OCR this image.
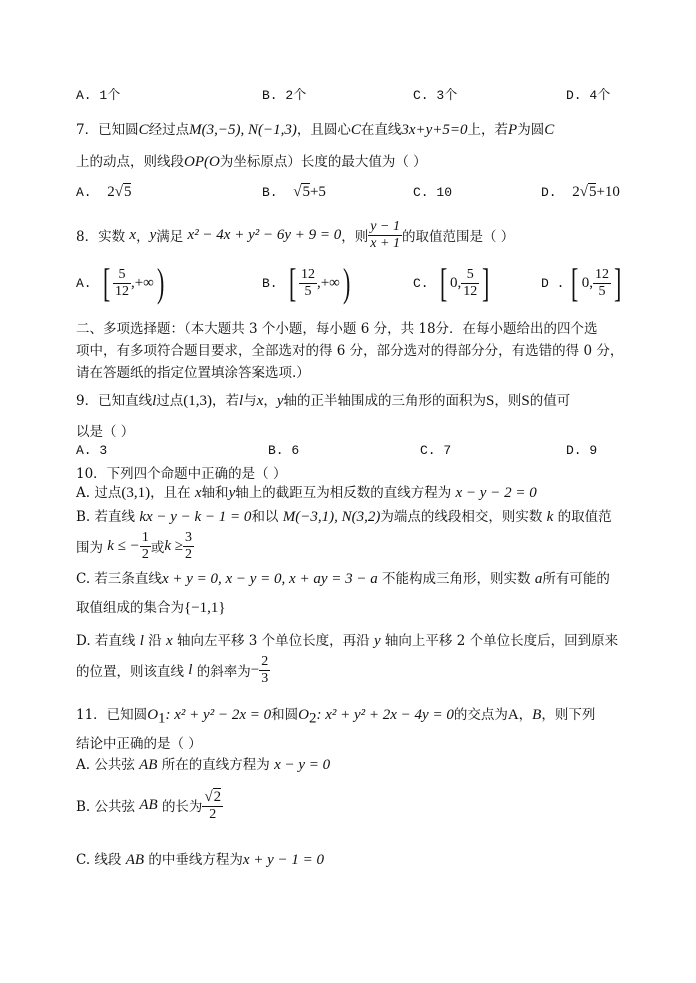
A. 1个	B. 2个	C. 3个	D. 4个
7．已知圆C经过点M(3,−5), N(−1,3)，且圆心C在直线3x+y+5=0上，若P为圆C
上的动点，则线段OP(O为坐标原点）长度的最大值为（ ）
A. 2√5	B. √5+5	C. 10	D. 2√5+10
8．实数
x ， y 满足
x² − 4x + y² − 6y + 9 = 0 ，则 $\frac{y - 1}{x + 1}$ 的取值范围是（ ）
A.
[ $\frac{5}{12}$ ,+∞ )	B.
[ $\frac{12}{5}$ ,+∞ )	C.
[ 0, $\frac{5}{12}$ ]	D .
[ 0, $\frac{12}{5}$ ]
二、多项选择题：（本大题共 3 个小题，每小题 6 分，共 18分．在每小题给出的四个选
项中，有多项符合题目要求，全部选对的得 6 分，部分选对的得部分分，有选错的得 0 分，
请在答题纸的指定位置填涂答案选项.）
9．已知直线l过点(1,3)，若l与x，y轴的正半轴围成的三角形的面积为S，则S的值可
以是（ ）
A. 3	B. 6	C. 7	D. 9
10．下列四个命题中正确的是（ ）
A. 过点(3,1)，且在 x轴和y轴上的截距互为相反数的直线方程为 x − y − 2 = 0
B. 若直线 kx − y − k − 1 = 0和以 M(−3,1), N(3,2)为端点的线段相交，则实数 k 的取值范
围为
k ≤ − $\frac{1}{2}$ 或 $k \ge \frac{3}{2}$
C. 若三条直线x + y = 0, x − y = 0, x + ay = 3 − a 不能构成三角形，则实数 a所有可能的
取值组成的集合为{−1,1}
D. 若直线 l 沿 x 轴向左平移 3 个单位长度，再沿 y 轴向上平移 2 个单位长度后，回到原来
的位置，则该直线
l
的斜率为 − $\frac{2}{3}$
11．已知圆$O_1$: x² + y² − 2x = 0和圆$O_2$: x² + y² + 2x − 4y = 0的交点为A，B，则下列
结论中正确的是（ ）
A. 公共弦 AB 所在的直线方程为 x − y = 0
B. 公共弦
AB
的长为 $\frac{√2}{2}$
C. 线段 AB 的中垂线方程为x + y − 1 = 0
